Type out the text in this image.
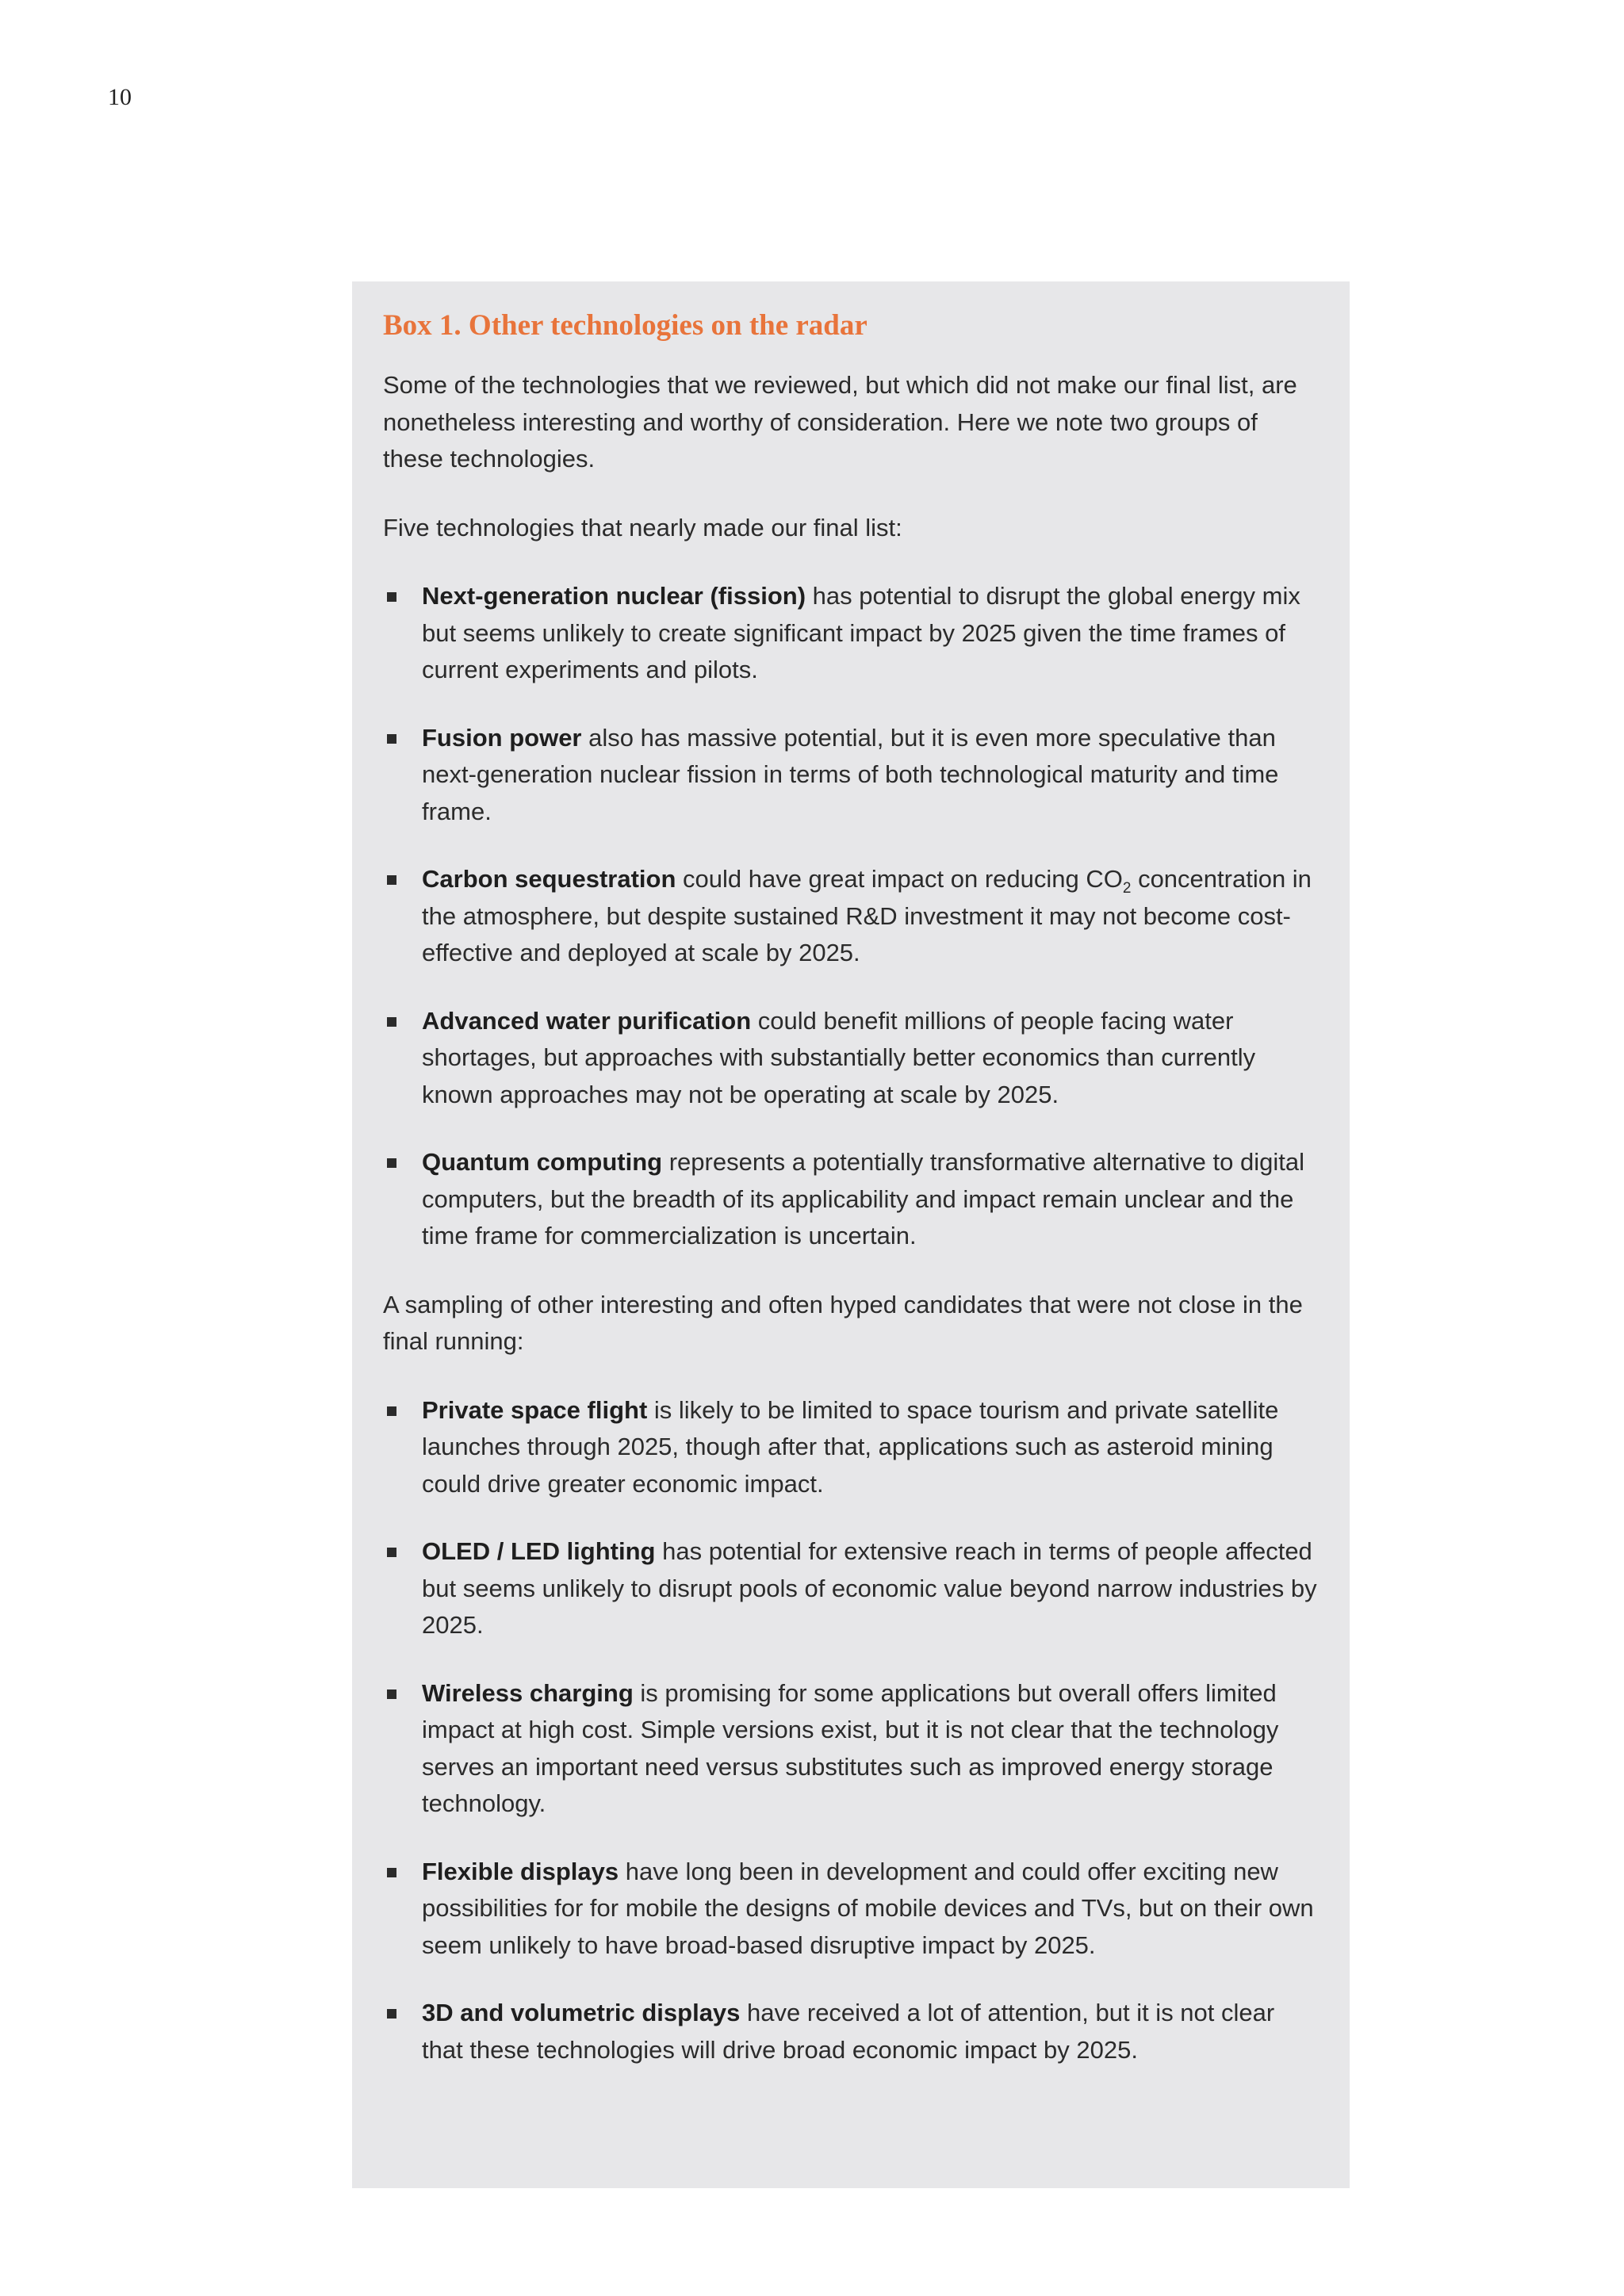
10
Box 1. Other technologies on the radar

Some of the technologies that we reviewed, but which did not make our final list, are nonetheless interesting and worthy of consideration. Here we note two groups of these technologies.

Five technologies that nearly made our final list:

Next-generation nuclear (fission) has potential to disrupt the global energy mix but seems unlikely to create significant impact by 2025 given the time frames of current experiments and pilots.
Fusion power also has massive potential, but it is even more speculative than next-generation nuclear fission in terms of both technological maturity and time frame.
Carbon sequestration could have great impact on reducing $CO_2$ concentration in the atmosphere, but despite sustained R&D investment it may not become cost-effective and deployed at scale by 2025.
Advanced water purification could benefit millions of people facing water shortages, but approaches with substantially better economics than currently known approaches may not be operating at scale by 2025.
Quantum computing represents a potentially transformative alternative to digital computers, but the breadth of its applicability and impact remain unclear and the time frame for commercialization is uncertain.

A sampling of other interesting and often hyped candidates that were not close in the final running:

Private space flight is likely to be limited to space tourism and private satellite launches through 2025, though after that, applications such as asteroid mining could drive greater economic impact.
OLED / LED lighting has potential for extensive reach in terms of people affected but seems unlikely to disrupt pools of economic value beyond narrow industries by 2025.
Wireless charging is promising for some applications but overall offers limited impact at high cost. Simple versions exist, but it is not clear that the technology serves an important need versus substitutes such as improved energy storage technology.
Flexible displays have long been in development and could offer exciting new possibilities for for mobile the designs of mobile devices and TVs, but on their own seem unlikely to have broad-based disruptive impact by 2025.
3D and volumetric displays have received a lot of attention, but it is not clear that these technologies will drive broad economic impact by 2025.
